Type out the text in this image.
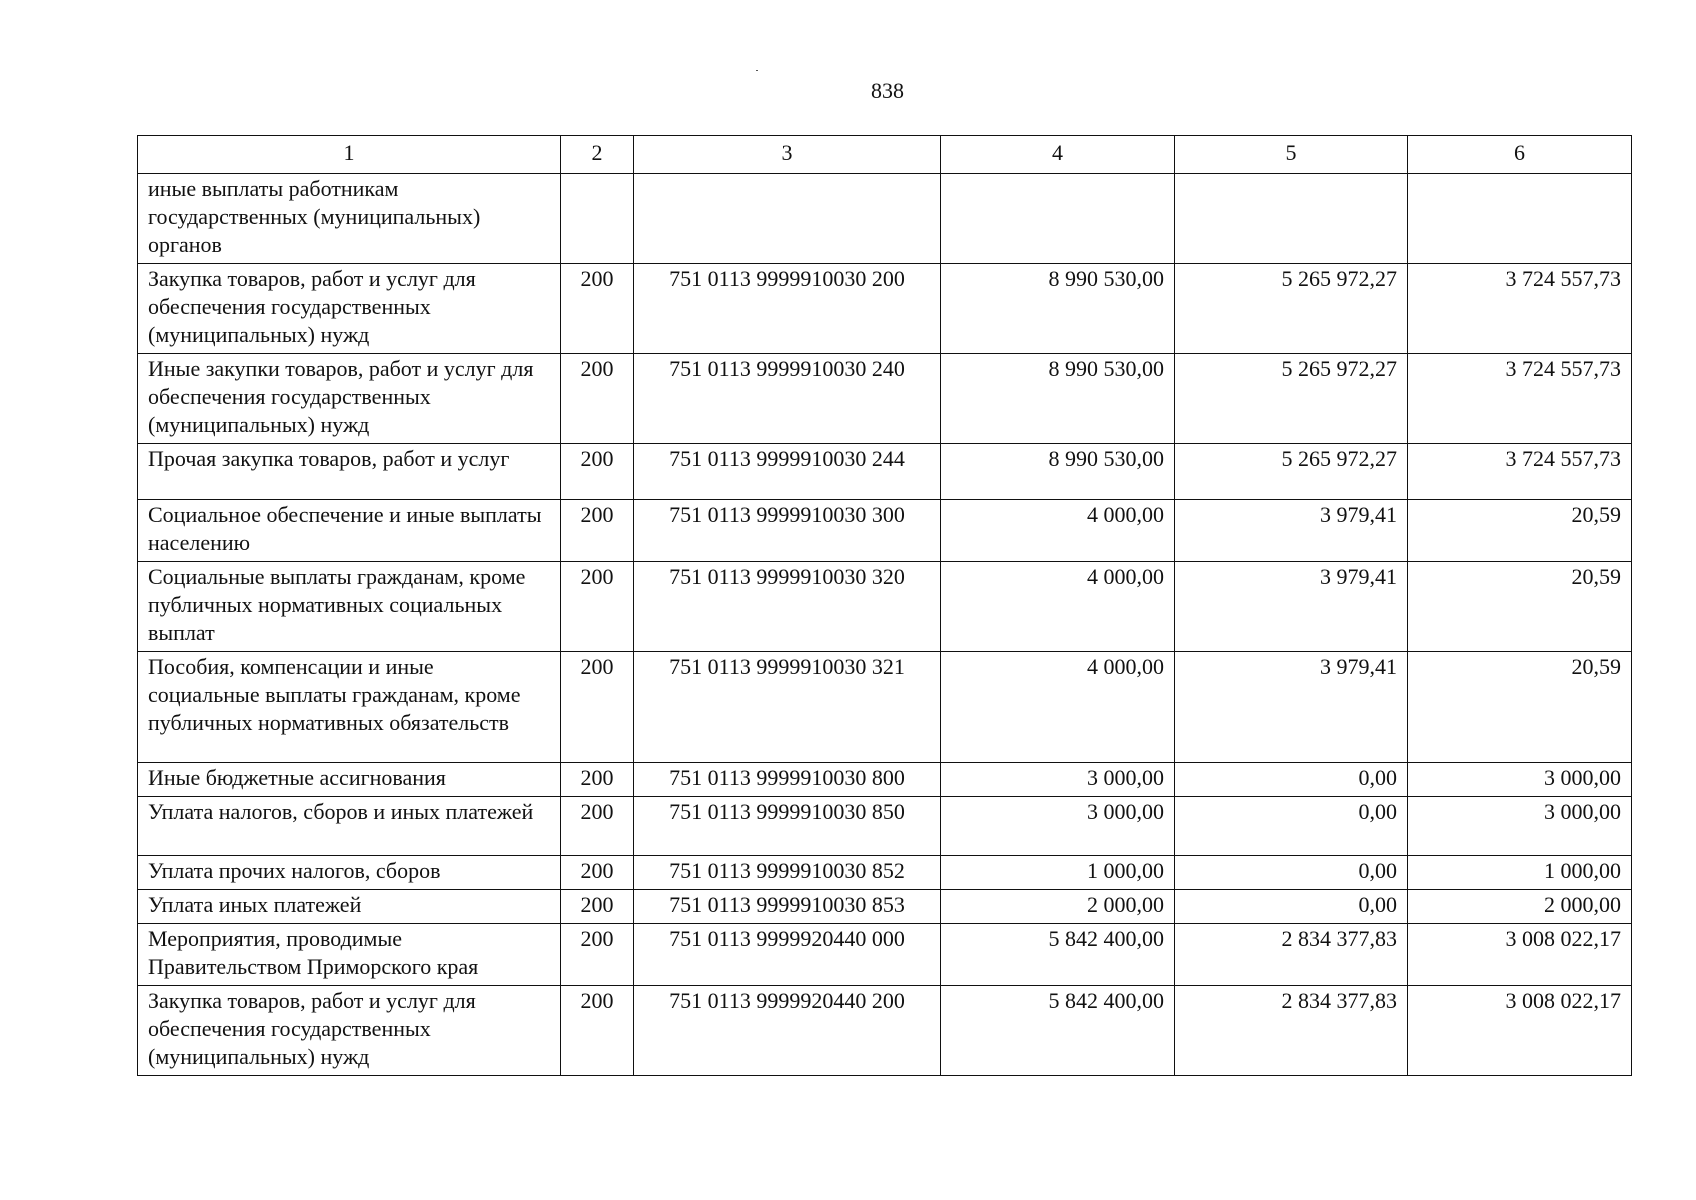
838
1	2	3	4	5	6
иные выплаты работникам государственных (муниципальных) органов					
Закупка товаров, работ и услуг для обеспечения государственных (муниципальных) нужд	200	751 0113 9999910030 200	8 990 530,00	5 265 972,27	3 724 557,73
Иные закупки товаров, работ и услуг для обеспечения государственных (муниципальных) нужд	200	751 0113 9999910030 240	8 990 530,00	5 265 972,27	3 724 557,73
Прочая закупка товаров, работ и услуг	200	751 0113 9999910030 244	8 990 530,00	5 265 972,27	3 724 557,73
Социальное обеспечение и иные выплаты населению	200	751 0113 9999910030 300	4 000,00	3 979,41	20,59
Социальные выплаты гражданам, кроме публичных нормативных социальных выплат	200	751 0113 9999910030 320	4 000,00	3 979,41	20,59
Пособия, компенсации и иные социальные выплаты гражданам, кроме публичных нормативных обязательств	200	751 0113 9999910030 321	4 000,00	3 979,41	20,59
Иные бюджетные ассигнования	200	751 0113 9999910030 800	3 000,00	0,00	3 000,00
Уплата налогов, сборов и иных платежей	200	751 0113 9999910030 850	3 000,00	0,00	3 000,00
Уплата прочих налогов, сборов	200	751 0113 9999910030 852	1 000,00	0,00	1 000,00
Уплата иных платежей	200	751 0113 9999910030 853	2 000,00	0,00	2 000,00
Мероприятия, проводимые Правительством Приморского края	200	751 0113 9999920440 000	5 842 400,00	2 834 377,83	3 008 022,17
Закупка товаров, работ и услуг для обеспечения государственных (муниципальных) нужд	200	751 0113 9999920440 200	5 842 400,00	2 834 377,83	3 008 022,17
